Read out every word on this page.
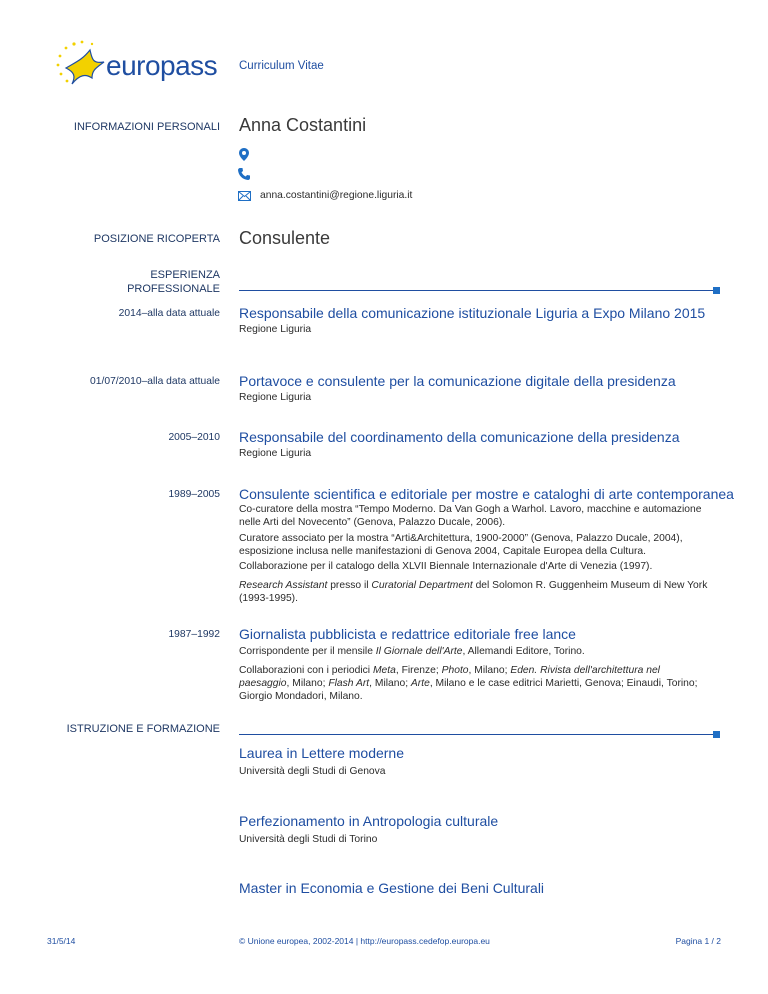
europass Curriculum Vitae
INFORMAZIONI PERSONALI Anna Costantini
anna.costantini@regione.liguria.it
POSIZIONE RICOPERTA Consulente
ESPERIENZA
PROFESSIONALE
2014–alla data attuale Responsabile della comunicazione istituzionale Liguria a Expo Milano 2015
Regione Liguria
01/07/2010–alla data attuale Portavoce e consulente per la comunicazione digitale della presidenza
Regione Liguria
2005–2010 Responsabile del coordinamento della comunicazione della presidenza
Regione Liguria
1989–2005 Consulente scientifica e editoriale per mostre e cataloghi di arte contemporanea
Co-curatore della mostra “Tempo Moderno. Da Van Gogh a Warhol. Lavoro, macchine e automazione nelle Arti del Novecento” (Genova, Palazzo Ducale, 2006).
Curatore associato per la mostra “Arti&Architettura, 1900-2000” (Genova, Palazzo Ducale, 2004), esposizione inclusa nelle manifestazioni di Genova 2004, Capitale Europea della Cultura.
Collaborazione per il catalogo della XLVII Biennale Internazionale d'Arte di Venezia (1997).
Research Assistant presso il Curatorial Department del Solomon R. Guggenheim Museum di New York (1993-1995).
1987–1992 Giornalista pubblicista e redattrice editoriale free lance
Corrispondente per il mensile Il Giornale dell'Arte, Allemandi Editore, Torino.
Collaborazioni con i periodici Meta, Firenze; Photo, Milano; Eden. Rivista dell'architettura nel paesaggio, Milano; Flash Art, Milano; Arte, Milano e le case editrici Marietti, Genova; Einaudi, Torino; Giorgio Mondadori, Milano.
ISTRUZIONE E FORMAZIONE
Laurea in Lettere moderne
Università degli Studi di Genova
Perfezionamento in Antropologia culturale
Università degli Studi di Torino
Master in Economia e Gestione dei Beni Culturali
31/5/14	© Unione europea, 2002-2014 | http://europass.cedefop.europa.eu	Pagina 1 / 2
